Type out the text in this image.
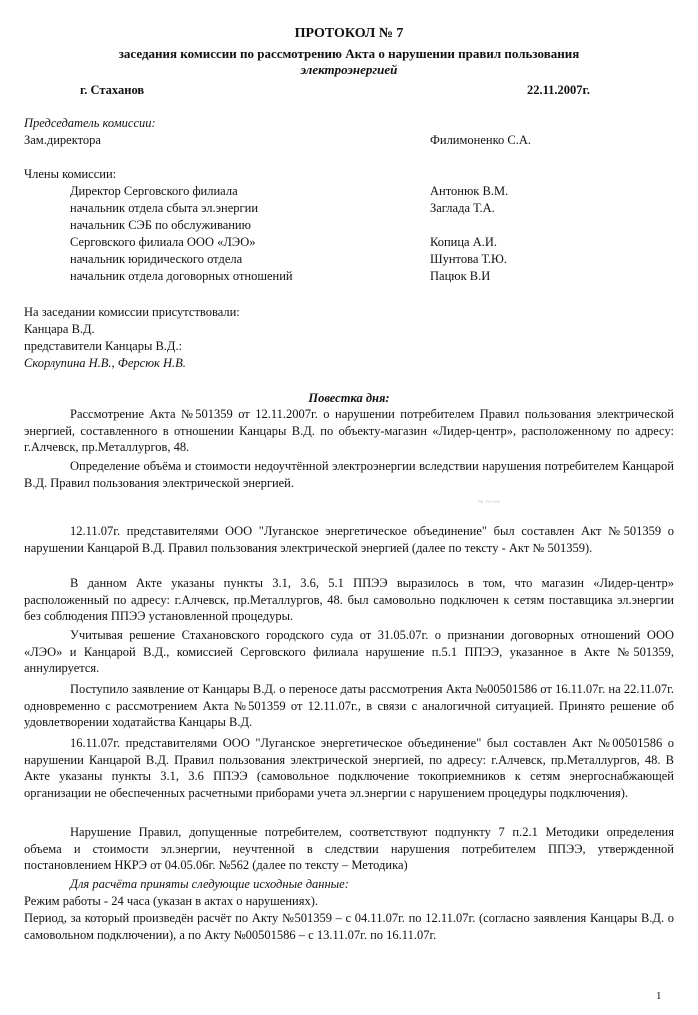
ПРОТОКОЛ № 7
заседания комиссии по рассмотрению Акта о нарушении правил пользования
электроэнергией
г. Стаханов	22.11.2007г.
Председатель комиссии:
Зам.директора	Филимоненко С.А.
Члены комиссии:
Директор Серговского филиала	Антонюк В.М.
начальник отдела сбыта эл.энергии	Заглада Т.А.
начальник СЭБ по обслуживанию
Серговского филиала ООО «ЛЭО»	Копица А.И.
начальник юридического отдела	Шунтова Т.Ю.
начальник отдела договорных отношений	Пацюк В.И
На заседании комиссии присутствовали:
Канцара В.Д.
представители Канцары В.Д.:
Скорлупина Н.В., Ферсюк Н.В.
Повестка дня:
Рассмотрение Акта №501359 от 12.11.2007г. о нарушении потребителем Правил пользования электрической энергией, составленного в отношении Канцары В.Д. по объекту-магазин «Лидер-центр», расположенному по адресу: г.Алчевск, пр.Металлургов, 48.
Определение объёма и стоимости недоучтённой электроэнергии вследствии нарушения потребителем Канцарой В.Д. Правил пользования электрической энергией.
~ ~·~
12.11.07г. представителями ООО "Луганское энергетическое объединение" был составлен Акт №501359 о нарушении Канцарой В.Д. Правил пользования электрической энергией (далее по тексту - Акт № 501359).
В данном Акте указаны пункты 3.1, 3.6, 5.1 ППЭЭ выразилось в том, что магазин «Лидер-центр» расположенный по адресу: г.Алчевск, пр.Металлургов, 48. был самовольно подключен к сетям поставщика эл.энергии без соблюдения ППЭЭ установленной процедуры.
Учитывая решение Стахановского городского суда от 31.05.07г. о признании договорных отношений ООО «ЛЭО» и Канцарой В.Д., комиссией Серговского филиала нарушение п.5.1 ППЭЭ, указанное в Акте №501359, аннулируется.
Поступило заявление от Канцары В.Д. о переносе даты рассмотрения Акта №00501586 от 16.11.07г. на 22.11.07г. одновременно с рассмотрением Акта №501359 от 12.11.07г., в связи с аналогичной ситуацией. Принято решение об удовлетворении ходатайства Канцары В.Д.
16.11.07г. представителями ООО "Луганское энергетическое объединение" был составлен Акт №00501586 о нарушении Канцарой В.Д. Правил пользования электрической энергией, по адресу: г.Алчевск, пр.Металлургов, 48. В Акте указаны пункты 3.1, 3.6 ППЭЭ (самовольное подключение токоприемников к сетям энергоснабжающей организации не обеспеченных расчетными приборами учета эл.энергии с нарушением процедуры подключения).
Нарушение Правил, допущенные потребителем, соответствуют подпункту 7 п.2.1 Методики определения объема и стоимости эл.энергии, неучтенной в следствии нарушения потребителем ППЭЭ, утвержденной постановлением НКРЭ от 04.05.06г. №562 (далее по тексту – Методика)
Для расчёта приняты следующие исходные данные:
Режим работы - 24 часа (указан в актах о нарушениях).
Период, за который произведён расчёт по Акту №501359 – с 04.11.07г. по 12.11.07г. (согласно заявления Канцары В.Д. о самовольном подключении), а по Акту №00501586 – с 13.11.07г. по 16.11.07г.
1
